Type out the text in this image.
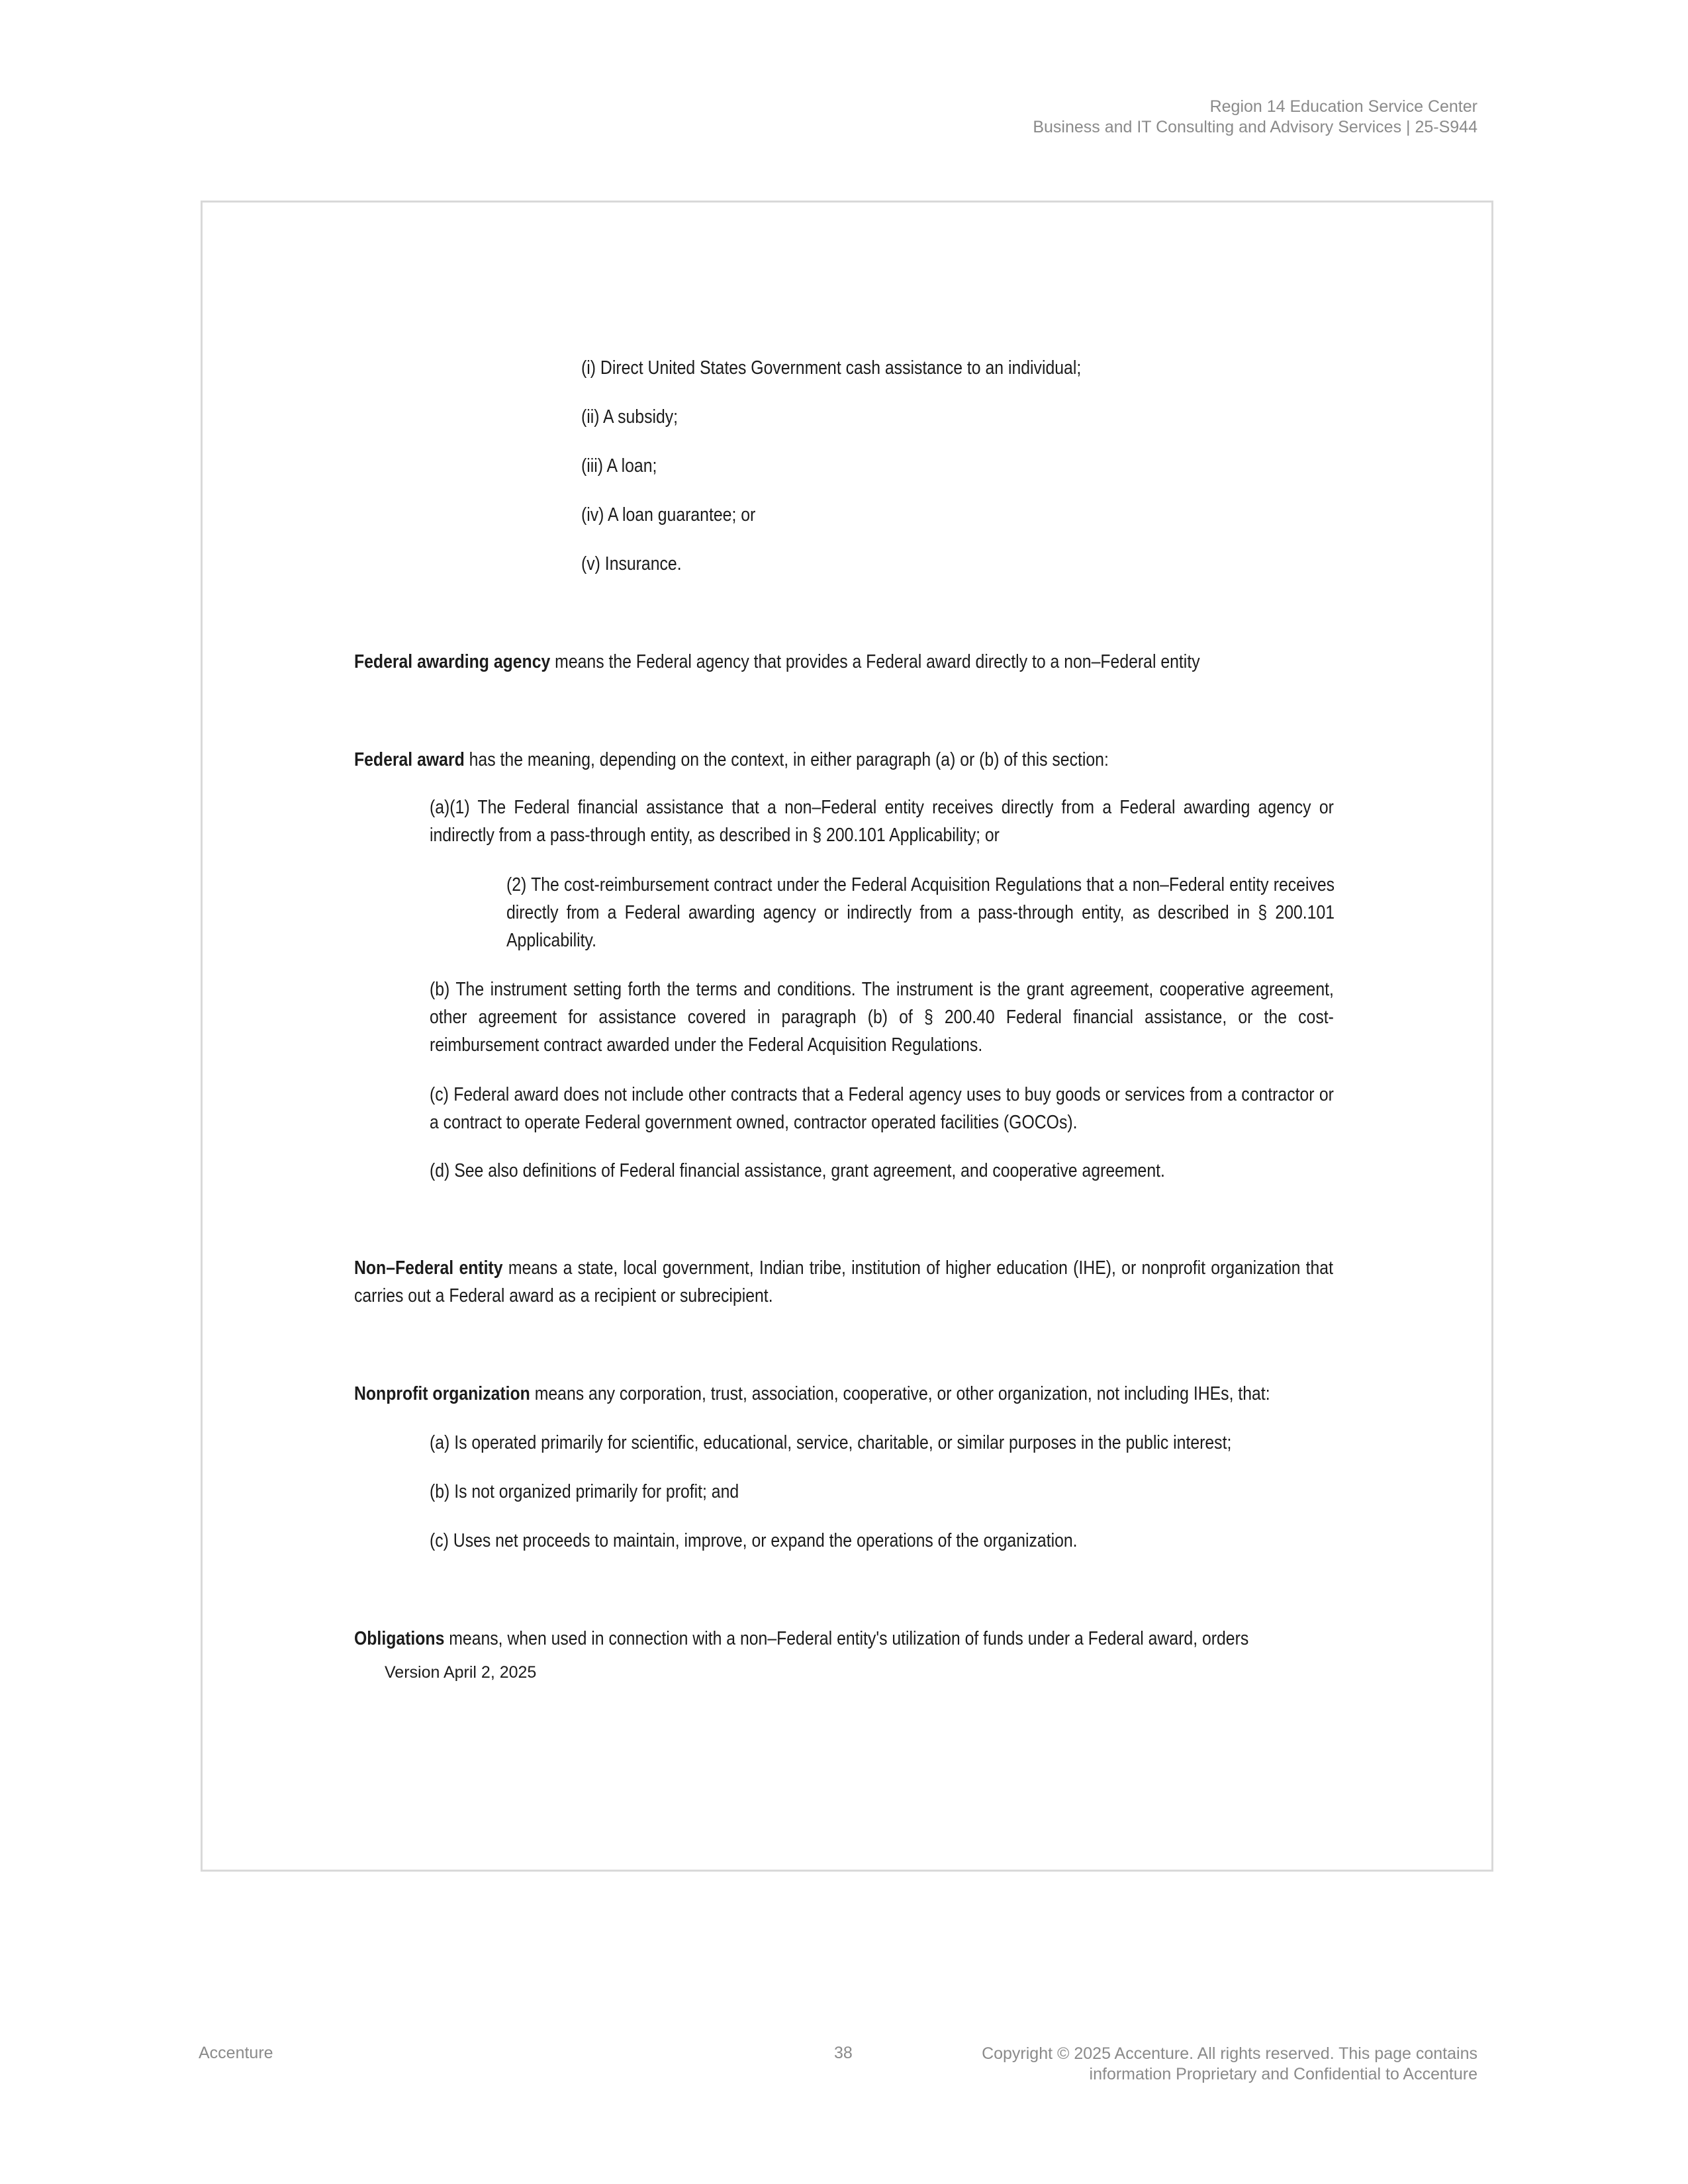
Region 14 Education Service Center
Business and IT Consulting and Advisory Services | 25-S944

(i) Direct United States Government cash assistance to an individual;

(ii) A subsidy;

(iii) A loan;

(iv) A loan guarantee; or

(v) Insurance.

Federal awarding agency means the Federal agency that provides a Federal award directly to a non–Federal entity

Federal award has the meaning, depending on the context, in either paragraph (a) or (b) of this section:

(a)(1) The Federal financial assistance that a non–Federal entity receives directly from a Federal awarding agency or indirectly from a pass-through entity, as described in § 200.101 Applicability; or

(2) The cost-reimbursement contract under the Federal Acquisition Regulations that a non–Federal entity receives directly from a Federal awarding agency or indirectly from a pass-through entity, as described in § 200.101 Applicability.

(b) The instrument setting forth the terms and conditions. The instrument is the grant agreement, cooperative agreement, other agreement for assistance covered in paragraph (b) of § 200.40 Federal financial assistance, or the cost-reimbursement contract awarded under the Federal Acquisition Regulations.

(c) Federal award does not include other contracts that a Federal agency uses to buy goods or services from a contractor or a contract to operate Federal government owned, contractor operated facilities (GOCOs).

(d) See also definitions of Federal financial assistance, grant agreement, and cooperative agreement.

Non–Federal entity means a state, local government, Indian tribe, institution of higher education (IHE), or nonprofit organization that carries out a Federal award as a recipient or subrecipient.

Nonprofit organization means any corporation, trust, association, cooperative, or other organization, not including IHEs, that:

(a) Is operated primarily for scientific, educational, service, charitable, or similar purposes in the public interest;

(b) Is not organized primarily for profit; and

(c) Uses net proceeds to maintain, improve, or expand the operations of the organization.

Obligations means, when used in connection with a non–Federal entity's utilization of funds under a Federal award, orders

Version April 2, 2025
Accenture	38	Copyright © 2025 Accenture. All rights reserved. This page contains
information Proprietary and Confidential to Accenture
